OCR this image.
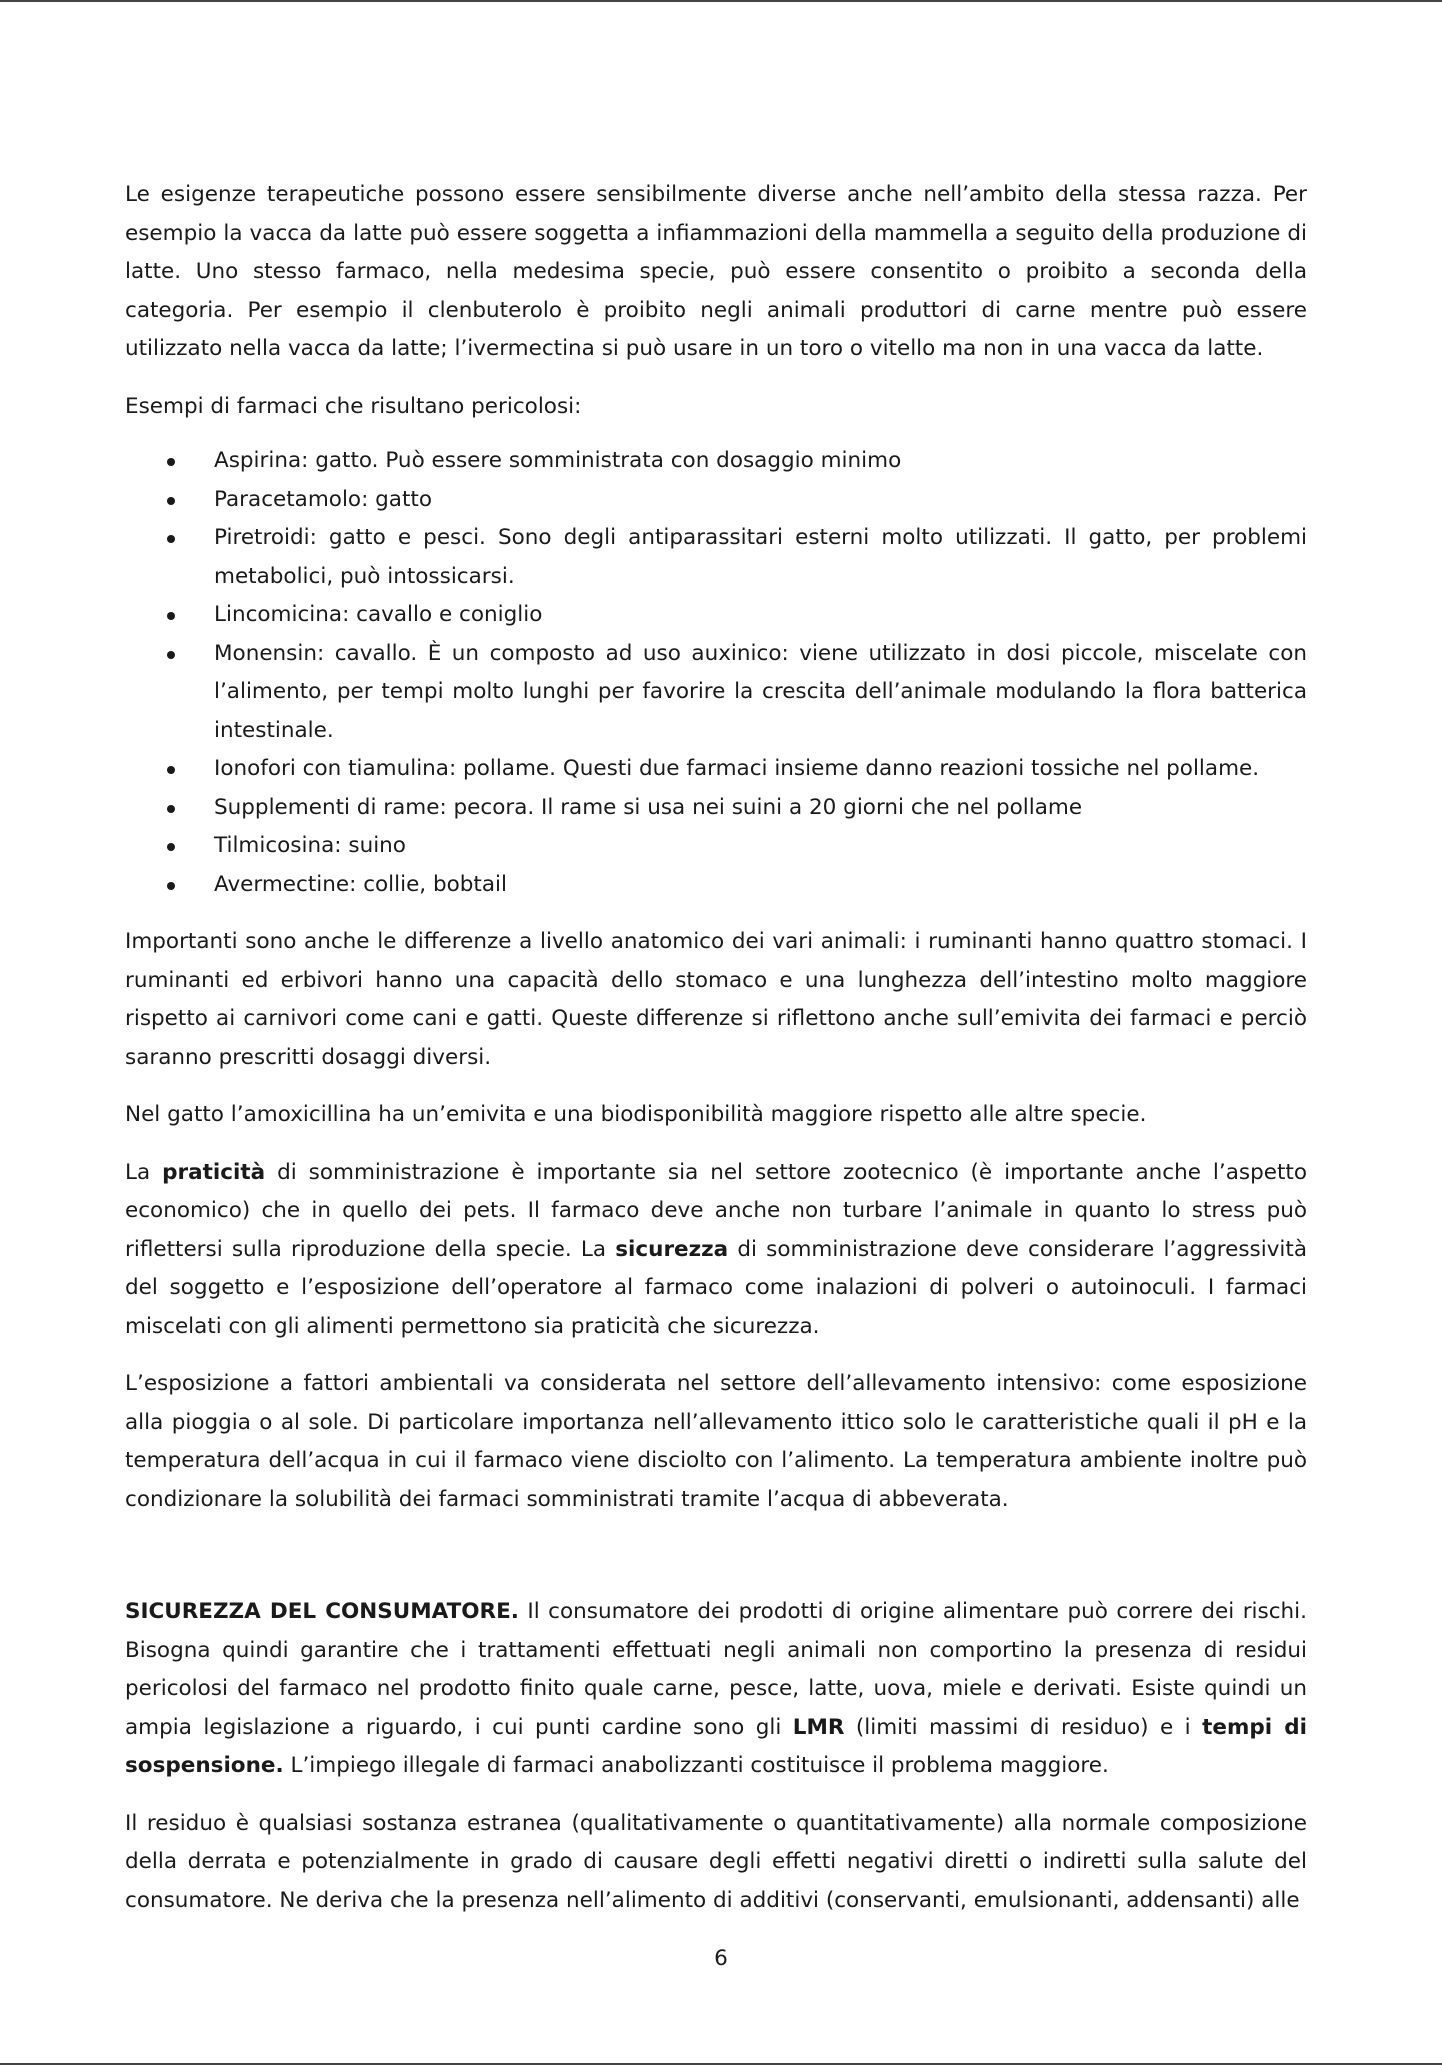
Le esigenze terapeutiche possono essere sensibilmente diverse anche nell’ambito della stessa razza. Per esempio la vacca da latte può essere soggetta a infiammazioni della mammella a seguito della produzione di latte. Uno stesso farmaco, nella medesima specie, può essere consentito o proibito a seconda della categoria. Per esempio il clenbuterolo è proibito negli animali produttori di carne mentre può essere utilizzato nella vacca da latte; l’ivermectina si può usare in un toro o vitello ma non in una vacca da latte.

Esempi di farmaci che risultano pericolosi:

Aspirina: gatto. Può essere somministrata con dosaggio minimo
Paracetamolo: gatto
Piretroidi: gatto e pesci. Sono degli antiparassitari esterni molto utilizzati. Il gatto, per problemi metabolici, può intossicarsi.
Lincomicina: cavallo e coniglio
Monensin: cavallo. È un composto ad uso auxinico: viene utilizzato in dosi piccole, miscelate con l’alimento, per tempi molto lunghi per favorire la crescita dell’animale modulando la flora batterica intestinale.
Ionofori con tiamulina: pollame. Questi due farmaci insieme danno reazioni tossiche nel pollame.
Supplementi di rame: pecora. Il rame si usa nei suini a 20 giorni che nel pollame
Tilmicosina: suino
Avermectine: collie, bobtail

Importanti sono anche le differenze a livello anatomico dei vari animali: i ruminanti hanno quattro stomaci. I ruminanti ed erbivori hanno una capacità dello stomaco e una lunghezza dell’intestino molto maggiore rispetto ai carnivori come cani e gatti. Queste differenze si riflettono anche sull’emivita dei farmaci e perciò saranno prescritti dosaggi diversi.

Nel gatto l’amoxicillina ha un’emivita e una biodisponibilità maggiore rispetto alle altre specie.

La praticità di somministrazione è importante sia nel settore zootecnico (è importante anche l’aspetto economico) che in quello dei pets. Il farmaco deve anche non turbare l’animale in quanto lo stress può riflettersi sulla riproduzione della specie. La sicurezza di somministrazione deve considerare l’aggressività del soggetto e l’esposizione dell’operatore al farmaco come inalazioni di polveri o autoinoculi. I farmaci miscelati con gli alimenti permettono sia praticità che sicurezza.

L’esposizione a fattori ambientali va considerata nel settore dell’allevamento intensivo: come esposizione alla pioggia o al sole. Di particolare importanza nell’allevamento ittico solo le caratteristiche quali il pH e la temperatura dell’acqua in cui il farmaco viene disciolto con l’alimento. La temperatura ambiente inoltre può condizionare la solubilità dei farmaci somministrati tramite l’acqua di abbeverata.

SICUREZZA DEL CONSUMATORE. Il consumatore dei prodotti di origine alimentare può correre dei rischi. Bisogna quindi garantire che i trattamenti effettuati negli animali non comportino la presenza di residui pericolosi del farmaco nel prodotto finito quale carne, pesce, latte, uova, miele e derivati. Esiste quindi un ampia legislazione a riguardo, i cui punti cardine sono gli LMR (limiti massimi di residuo) e i tempi di sospensione. L’impiego illegale di farmaci anabolizzanti costituisce il problema maggiore.

Il residuo è qualsiasi sostanza estranea (qualitativamente o quantitativamente) alla normale composizione della derrata e potenzialmente in grado di causare degli effetti negativi diretti o indiretti sulla salute del consumatore. Ne deriva che la presenza nell’alimento di additivi (conservanti, emulsionanti, addensanti) alle

6
